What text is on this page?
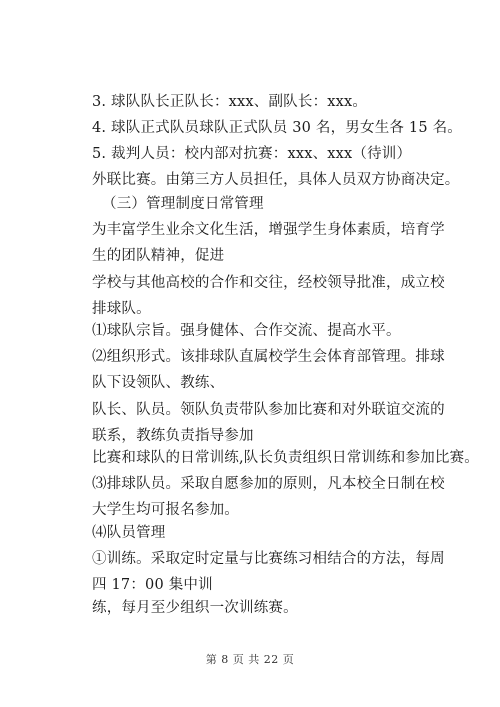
3. 球队队长正队长：xxx、副队长：xxx。
4. 球队正式队员球队正式队员 30 名，男女生各 15 名。
5. 裁判人员：校内部对抗赛：xxx、xxx（待训）
外联比赛。由第三方人员担任，具体人员双方协商决定。
（三）管理制度日常管理
为丰富学生业余文化生活，增强学生身体素质，培育学生的团队精神，促进
学校与其他高校的合作和交往，经校领导批准，成立校排球队。
⑴球队宗旨。强身健体、合作交流、提高水平。
⑵组织形式。该排球队直属校学生会体育部管理。排球队下设领队、教练、
队长、队员。领队负责带队参加比赛和对外联谊交流的联系，教练负责指导参加
比赛和球队的日常训练,队长负责组织日常训练和参加比赛。
⑶排球队员。采取自愿参加的原则，凡本校全日制在校大学生均可报名参加。
⑷队员管理
①训练。采取定时定量与比赛练习相结合的方法，每周四 17：00 集中训
练，每月至少组织一次训练赛。
第 8 页 共 22 页
